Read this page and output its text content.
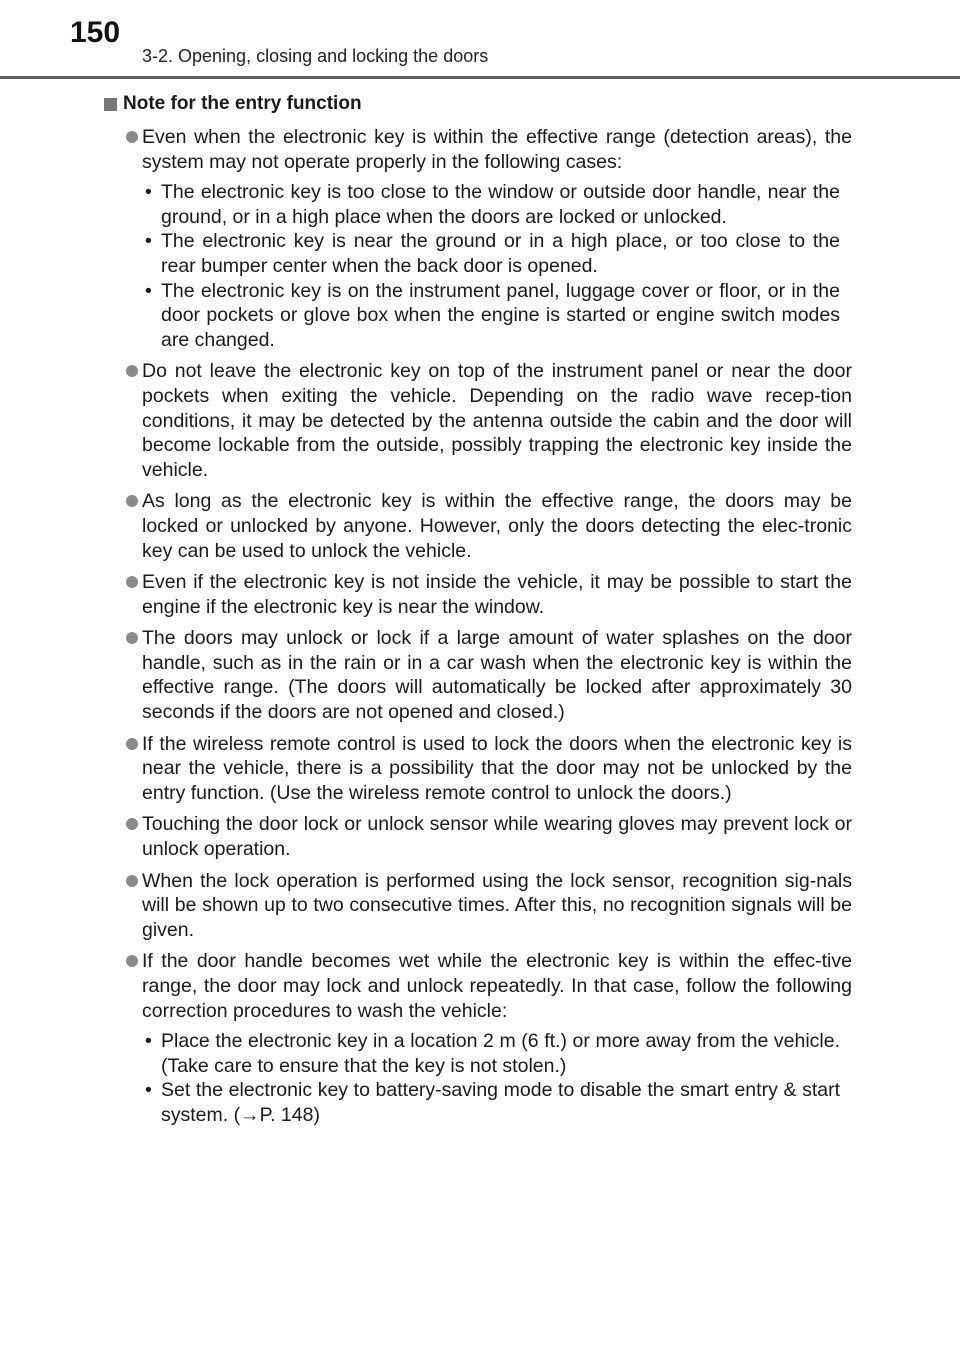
150
3-2. Opening, closing and locking the doors
Note for the entry function
Even when the electronic key is within the effective range (detection areas), the system may not operate properly in the following cases:
• The electronic key is too close to the window or outside door handle, near the ground, or in a high place when the doors are locked or unlocked.
• The electronic key is near the ground or in a high place, or too close to the rear bumper center when the back door is opened.
• The electronic key is on the instrument panel, luggage cover or floor, or in the door pockets or glove box when the engine is started or engine switch modes are changed.
Do not leave the electronic key on top of the instrument panel or near the door pockets when exiting the vehicle. Depending on the radio wave recep-tion conditions, it may be detected by the antenna outside the cabin and the door will become lockable from the outside, possibly trapping the electronic key inside the vehicle.
As long as the electronic key is within the effective range, the doors may be locked or unlocked by anyone. However, only the doors detecting the elec-tronic key can be used to unlock the vehicle.
Even if the electronic key is not inside the vehicle, it may be possible to start the engine if the electronic key is near the window.
The doors may unlock or lock if a large amount of water splashes on the door handle, such as in the rain or in a car wash when the electronic key is within the effective range. (The doors will automatically be locked after approximately 30 seconds if the doors are not opened and closed.)
If the wireless remote control is used to lock the doors when the electronic key is near the vehicle, there is a possibility that the door may not be unlocked by the entry function. (Use the wireless remote control to unlock the doors.)
Touching the door lock or unlock sensor while wearing gloves may prevent lock or unlock operation.
When the lock operation is performed using the lock sensor, recognition sig-nals will be shown up to two consecutive times. After this, no recognition signals will be given.
If the door handle becomes wet while the electronic key is within the effec-tive range, the door may lock and unlock repeatedly. In that case, follow the following correction procedures to wash the vehicle:
• Place the electronic key in a location 2 m (6 ft.) or more away from the vehicle. (Take care to ensure that the key is not stolen.)
• Set the electronic key to battery-saving mode to disable the smart entry & start system. (→P. 148)
